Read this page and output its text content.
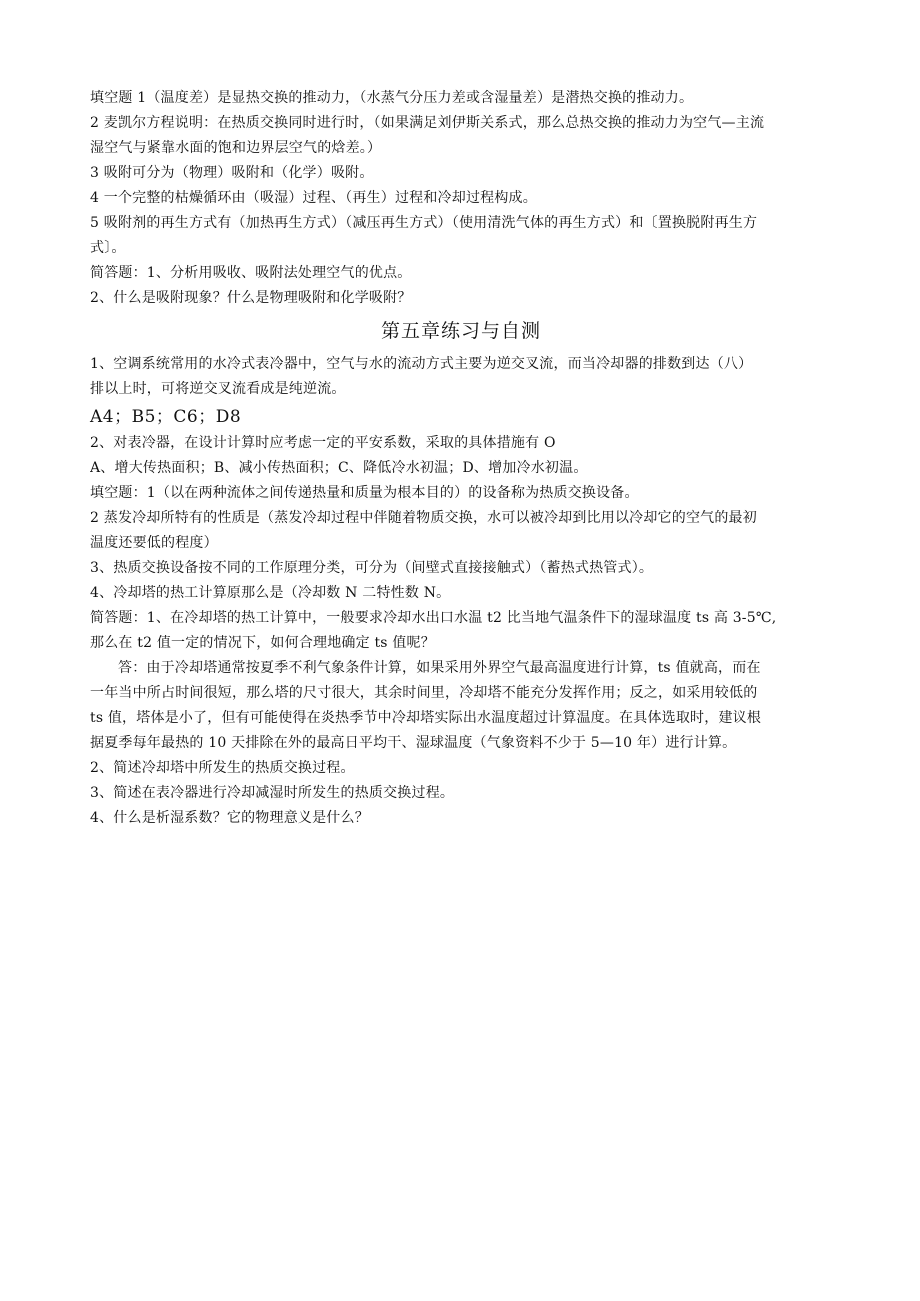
填空题 1（温度差）是显热交换的推动力，（水蒸气分压力差或含湿量差）是潜热交换的推动力。
2 麦凯尔方程说明：在热质交换同时进行时，（如果满足刘伊斯关系式，那么总热交换的推动力为空气—主流
湿空气与紧靠水面的饱和边界层空气的焓差。）
3 吸附可分为（物理）吸附和（化学）吸附。
4 一个完整的枯燥循环由（吸湿）过程、（再生）过程和冷却过程构成。
5 吸附剂的再生方式有（加热再生方式）（减压再生方式）（使用清洗气体的再生方式）和〔置换脱附再生方
式〕。
简答题：1、分析用吸收、吸附法处理空气的优点。
2、什么是吸附现象？什么是物理吸附和化学吸附？
第五章练习与自测
1、空调系统常用的水冷式表冷器中，空气与水的流动方式主要为逆交叉流，而当冷却器的排数到达（八）
排以上时，可将逆交叉流看成是纯逆流。
A4；B5；C6；D8
2、对表冷器，在设计计算时应考虑一定的平安系数，采取的具体措施有 O
A、增大传热面积；B、减小传热面积；C、降低冷水初温；D、增加冷水初温。
填空题：1（以在两种流体之间传递热量和质量为根本目的）的设备称为热质交换设备。
2 蒸发冷却所特有的性质是（蒸发冷却过程中伴随着物质交换，水可以被冷却到比用以冷却它的空气的最初
温度还要低的程度）
3、热质交换设备按不同的工作原理分类，可分为（间壁式直接接触式）（蓄热式热管式）。
4、冷却塔的热工计算原那么是（冷却数 N 二特性数 N。
简答题：1、在冷却塔的热工计算中，一般要求冷却水出口水温 t2 比当地气温条件下的湿球温度 ts 高 3-5℃,
那么在 t2 值一定的情况下，如何合理地确定 ts 值呢？
答：由于冷却塔通常按夏季不利气象条件计算，如果采用外界空气最高温度进行计算，ts 值就高，而在
一年当中所占时间很短，那么塔的尺寸很大，其余时间里，冷却塔不能充分发挥作用；反之，如采用较低的
ts 值，塔体是小了，但有可能使得在炎热季节中冷却塔实际出水温度超过计算温度。在具体选取时，建议根
据夏季每年最热的 10 天排除在外的最高日平均干、湿球温度（气象资料不少于 5—10 年）进行计算。
2、简述冷却塔中所发生的热质交换过程。
3、简述在表冷器进行冷却减湿时所发生的热质交换过程。
4、什么是析湿系数？它的物理意义是什么？
